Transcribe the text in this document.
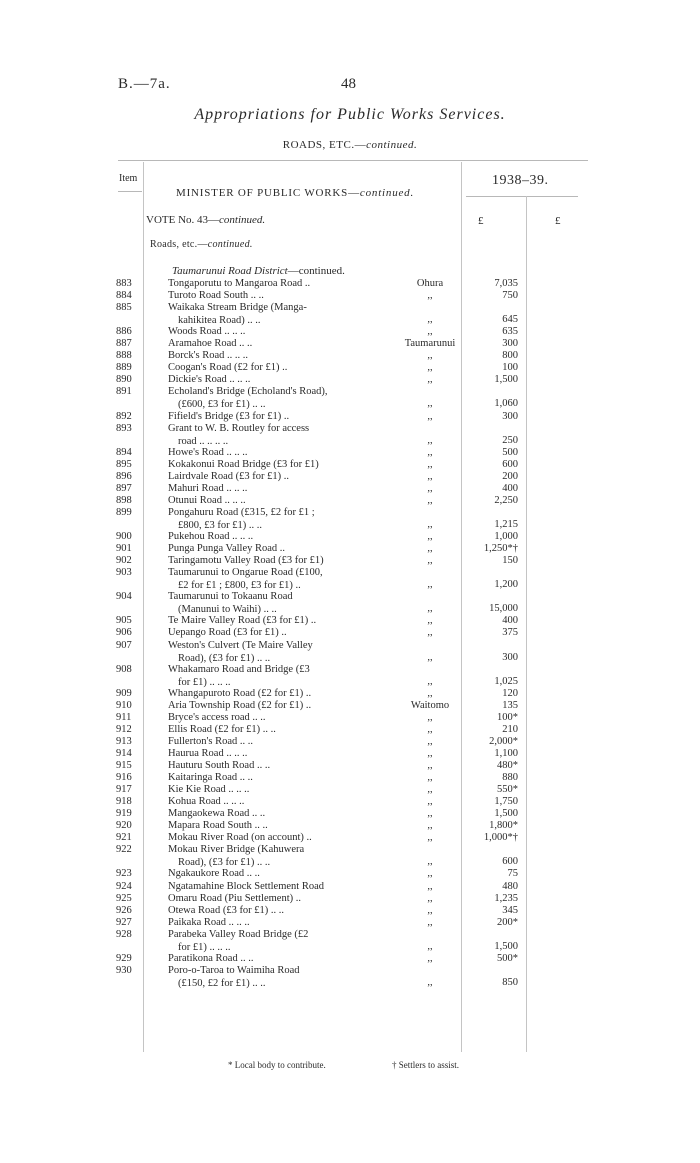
B.—7a.	48
Appropriations for Public Works Services.
ROADS, ETC.—continued.
Item
MINISTER OF PUBLIC WORKS—continued.
1938–39.
VOTE No. 43—continued.	£	£
Roads, etc.—continued.
Taumarunui Road District—continued.
883	Tongaporutu to Mangaroa Road ..	Ohura	7,035
884	Turoto Road South .. ..	,,	750
885	Waikaka Stream Bridge (Manga-
kahikitea Road) .. ..	,,	645
886	Woods Road .. .. ..	,,	635
887	Aramahoe Road .. ..	Taumarunui	300
888	Borck's Road .. .. ..	,,	800
889	Coogan's Road (£2 for £1) ..	,,	100
890	Dickie's Road .. .. ..	,,	1,500
891	Echoland's Bridge (Echoland's Road),
(£600, £3 for £1) .. ..	,,	1,060
892	Fifield's Bridge (£3 for £1) ..	,,	300
893	Grant to W. B. Routley for access
road .. .. .. ..	,,	250
894	Howe's Road .. .. ..	,,	500
895	Kokakonui Road Bridge (£3 for £1)	,,	600
896	Lairdvale Road (£3 for £1) ..	,,	200
897	Mahuri Road .. .. ..	,,	400
898	Otunui Road .. .. ..	,,	2,250
899	Pongahuru Road (£315, £2 for £1 ;
£800, £3 for £1) .. ..	,,	1,215
900	Pukehou Road .. .. ..	,,	1,000
901	Punga Punga Valley Road ..	,,	1,250*†
902	Taringamotu Valley Road (£3 for £1)	,,	150
903	Taumarunui to Ongarue Road (£100,
£2 for £1 ; £800, £3 for £1) ..	,,	1,200
904	Taumarunui to Tokaanu Road
(Manunui to Waihi) .. ..	,,	15,000
905	Te Maire Valley Road (£3 for £1) ..	,,	400
906	Uepango Road (£3 for £1) ..	,,	375
907	Weston's Culvert (Te Maire Valley
Road), (£3 for £1) .. ..	,,	300
908	Whakamaro Road and Bridge (£3
for £1) .. .. ..	,,	1,025
909	Whangapuroto Road (£2 for £1) ..	,,	120
910	Aria Township Road (£2 for £1) ..	Waitomo	135
911	Bryce's access road .. ..	,,	100*
912	Ellis Road (£2 for £1) .. ..	,,	210
913	Fullerton's Road .. ..	,,	2,000*
914	Haurua Road .. .. ..	,,	1,100
915	Hauturu South Road .. ..	,,	480*
916	Kaitaringa Road .. ..	,,	880
917	Kie Kie Road .. .. ..	,,	550*
918	Kohua Road .. .. ..	,,	1,750
919	Mangaokewa Road .. ..	,,	1,500
920	Mapara Road South .. ..	,,	1,800*
921	Mokau River Road (on account) ..	,,	1,000*†
922	Mokau River Bridge (Kahuwera
Road), (£3 for £1) .. ..	,,	600
923	Ngakaukore Road .. ..	,,	75
924	Ngatamahine Block Settlement Road	,,	480
925	Omaru Road (Piu Settlement) ..	,,	1,235
926	Otewa Road (£3 for £1) .. ..	,,	345
927	Paikaka Road .. .. ..	,,	200*
928	Parabeka Valley Road Bridge (£2
for £1) .. .. ..	,,	1,500
929	Paratikona Road .. ..	,,	500*
930	Poro-o-Taroa to Waimiha Road
(£150, £2 for £1) .. ..	,,	850
* Local body to contribute.	† Settlers to assist.
